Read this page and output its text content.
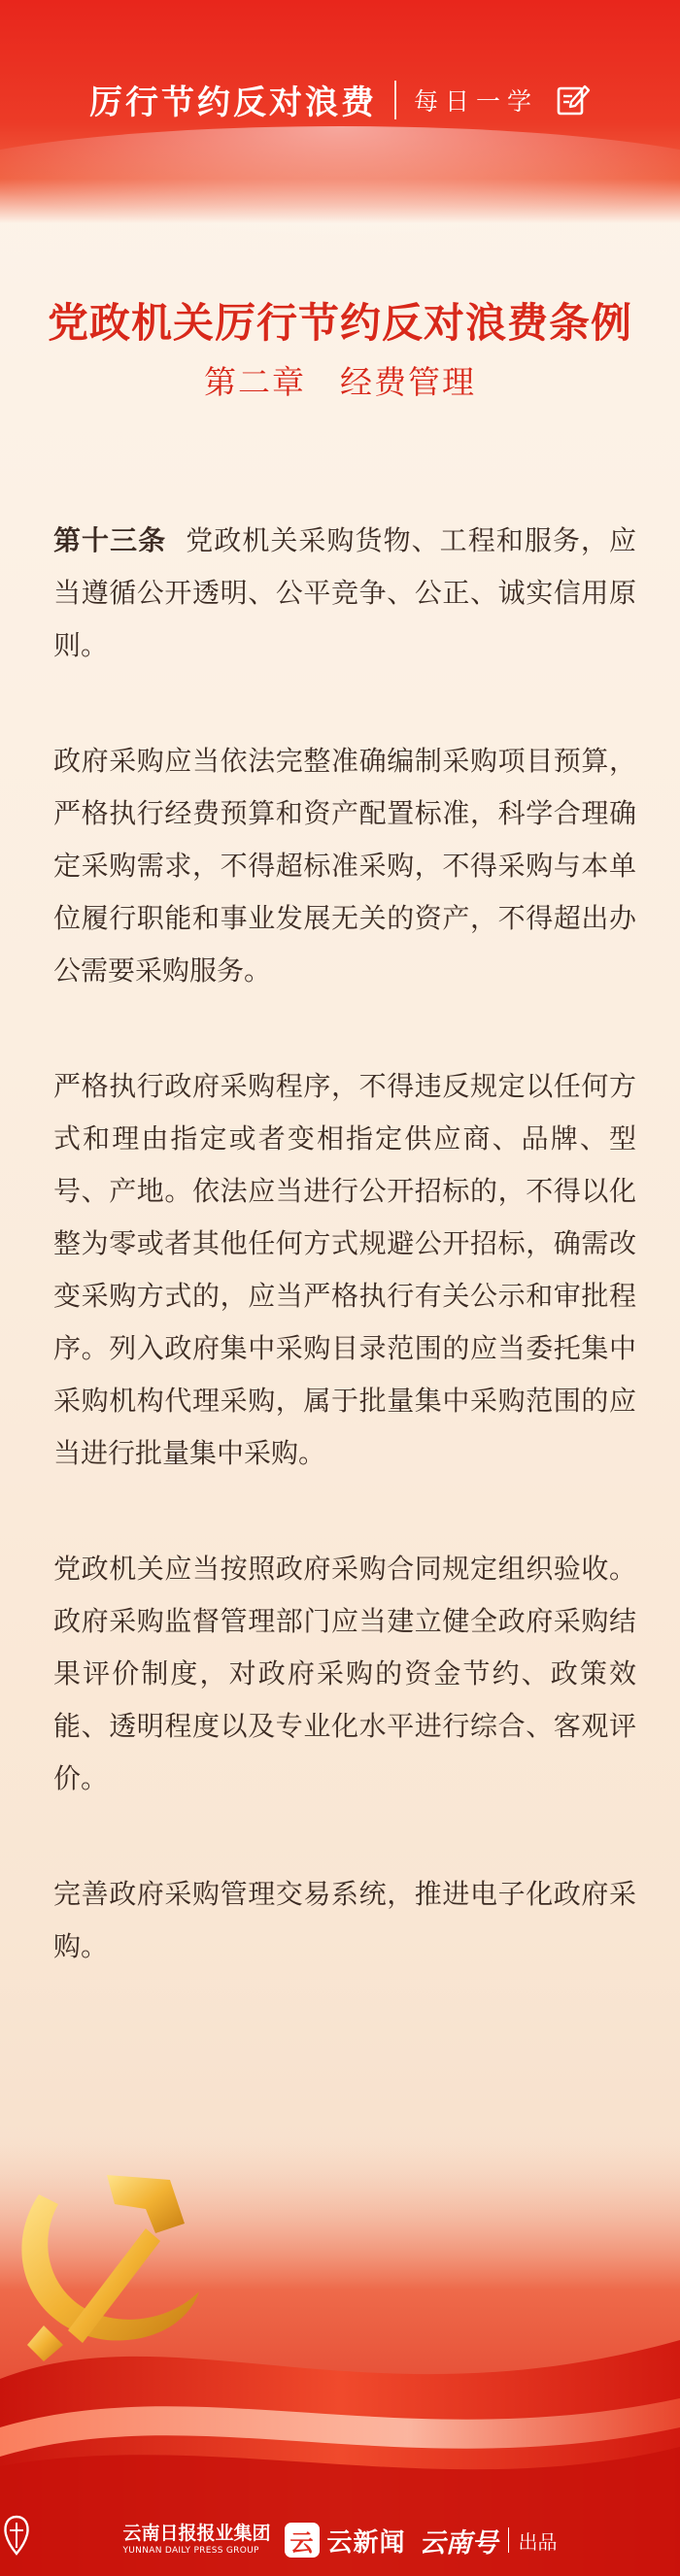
厉行节约反对浪费 每日一学
党政机关厉行节约反对浪费条例
第二章　经费管理

第十三条 党政机关采购货物、工程和服务，应当遵循公开透明、公平竞争、公正、诚实信用原则。

政府采购应当依法完整准确编制采购项目预算，严格执行经费预算和资产配置标准，科学合理确定采购需求，不得超标准采购，不得采购与本单位履行职能和事业发展无关的资产，不得超出办公需要采购服务。

严格执行政府采购程序，不得违反规定以任何方式和理由指定或者变相指定供应商、品牌、型号、产地。依法应当进行公开招标的，不得以化整为零或者其他任何方式规避公开招标，确需改变采购方式的，应当严格执行有关公示和审批程序。列入政府集中采购目录范围的应当委托集中采购机构代理采购，属于批量集中采购范围的应当进行批量集中采购。

党政机关应当按照政府采购合同规定组织验收。政府采购监督管理部门应当建立健全政府采购结果评价制度，对政府采购的资金节约、政策效能、透明程度以及专业化水平进行综合、客观评价。

完善政府采购管理交易系统，推进电子化政府采购。

云南日报报业集团
YUNNAN DAILY PRESS GROUP	云 云新闻 云南号 出品
